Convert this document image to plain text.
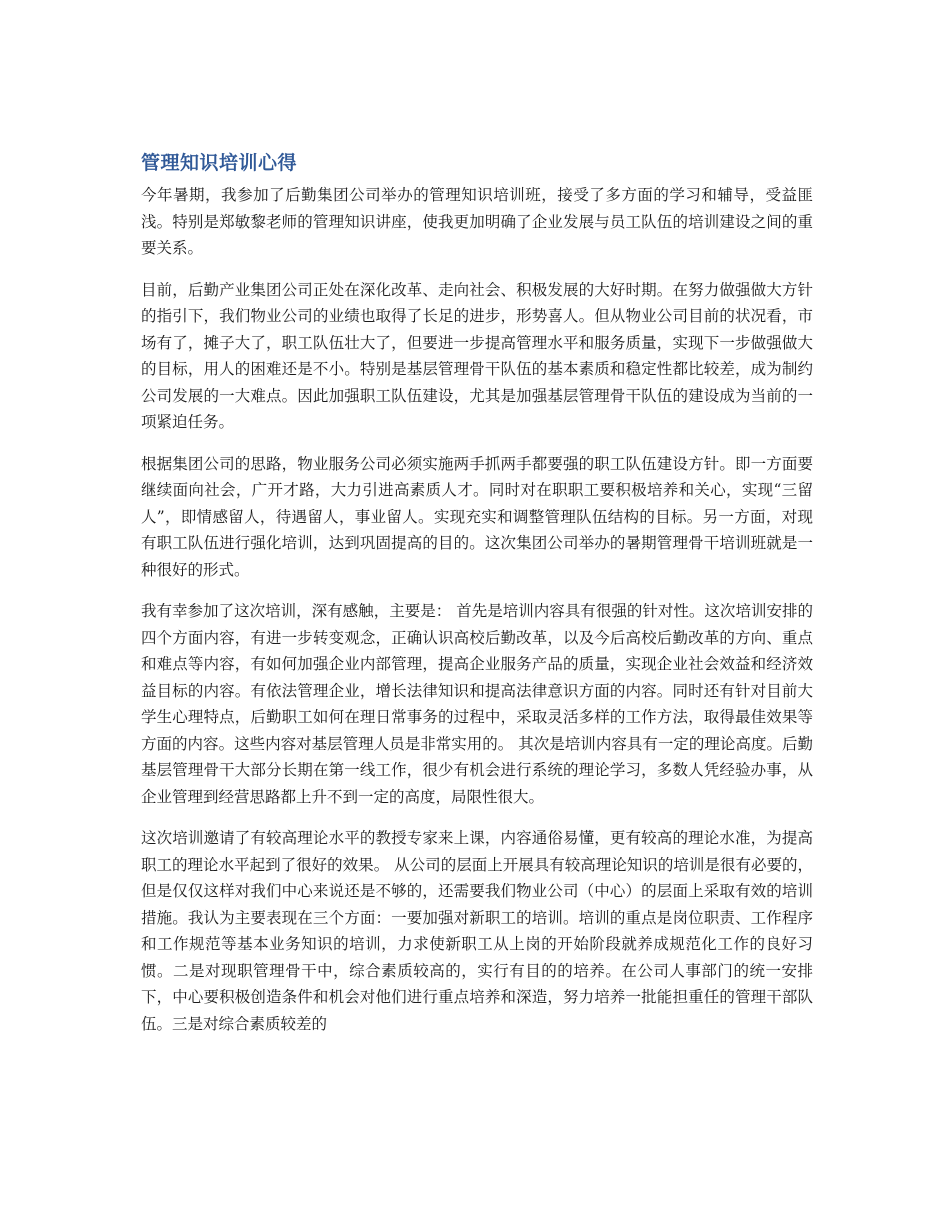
管理知识培训心得

今年暑期，我参加了后勤集团公司举办的管理知识培训班，接受了多方面的学习和辅导，受益匪浅。特别是郑敏黎老师的管理知识讲座，使我更加明确了企业发展与员工队伍的培训建设之间的重要关系。

目前，后勤产业集团公司正处在深化改革、走向社会、积极发展的大好时期。在努力做强做大方针的指引下，我们物业公司的业绩也取得了长足的进步，形势喜人。但从物业公司目前的状况看，市场有了，摊子大了，职工队伍壮大了，但要进一步提高管理水平和服务质量，实现下一步做强做大的目标，用人的困难还是不小。特别是基层管理骨干队伍的基本素质和稳定性都比较差，成为制约公司发展的一大难点。因此加强职工队伍建设，尤其是加强基层管理骨干队伍的建设成为当前的一项紧迫任务。

根据集团公司的思路，物业服务公司必须实施两手抓两手都要强的职工队伍建设方针。即一方面要继续面向社会，广开才路，大力引进高素质人才。同时对在职职工要积极培养和关心，实现“三留人”，即情感留人，待遇留人，事业留人。实现充实和调整管理队伍结构的目标。另一方面，对现有职工队伍进行强化培训，达到巩固提高的目的。这次集团公司举办的暑期管理骨干培训班就是一种很好的形式。

我有幸参加了这次培训，深有感触，主要是： 首先是培训内容具有很强的针对性。这次培训安排的四个方面内容，有进一步转变观念，正确认识高校后勤改革，以及今后高校后勤改革的方向、重点和难点等内容，有如何加强企业内部管理，提高企业服务产品的质量，实现企业社会效益和经济效益目标的内容。有依法管理企业，增长法律知识和提高法律意识方面的内容。同时还有针对目前大学生心理特点，后勤职工如何在理日常事务的过程中，采取灵活多样的工作方法，取得最佳效果等方面的内容。这些内容对基层管理人员是非常实用的。 其次是培训内容具有一定的理论高度。后勤基层管理骨干大部分长期在第一线工作，很少有机会进行系统的理论学习，多数人凭经验办事，从企业管理到经营思路都上升不到一定的高度，局限性很大。

这次培训邀请了有较高理论水平的教授专家来上课，内容通俗易懂，更有较高的理论水准，为提高职工的理论水平起到了很好的效果。 从公司的层面上开展具有较高理论知识的培训是很有必要的，但是仅仅这样对我们中心来说还是不够的，还需要我们物业公司（中心）的层面上采取有效的培训措施。我认为主要表现在三个方面：一要加强对新职工的培训。培训的重点是岗位职责、工作程序和工作规范等基本业务知识的培训，力求使新职工从上岗的开始阶段就养成规范化工作的良好习惯。二是对现职管理骨干中，综合素质较高的，实行有目的的培养。在公司人事部门的统一安排下，中心要积极创造条件和机会对他们进行重点培养和深造，努力培养一批能担重任的管理干部队伍。三是对综合素质较差的
